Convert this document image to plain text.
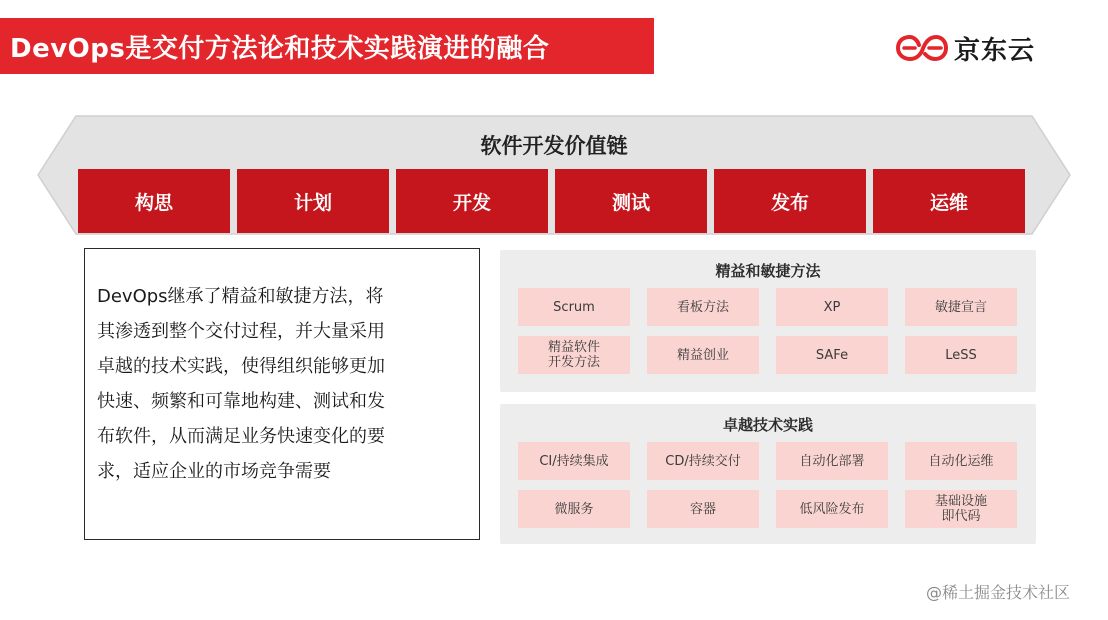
DevOps是交付方法论和技术实践演进的融合	京东云
软件开发价值链
构思	计划	开发	测试	发布	运维
DevOps继承了精益和敏捷方法，将
其渗透到整个交付过程，并大量采用
卓越的技术实践，使得组织能够更加
快速、频繁和可靠地构建、测试和发
布软件，从而满足业务快速变化的要
求，适应企业的市场竞争需要
精益和敏捷方法
Scrum	看板方法	XP	敏捷宣言
精益软件
开发方法	精益创业	SAFe	LeSS
卓越技术实践
CI/持续集成	CD/持续交付	自动化部署	自动化运维
微服务	容器	低风险发布	基础设施
即代码
@稀土掘金技术社区
